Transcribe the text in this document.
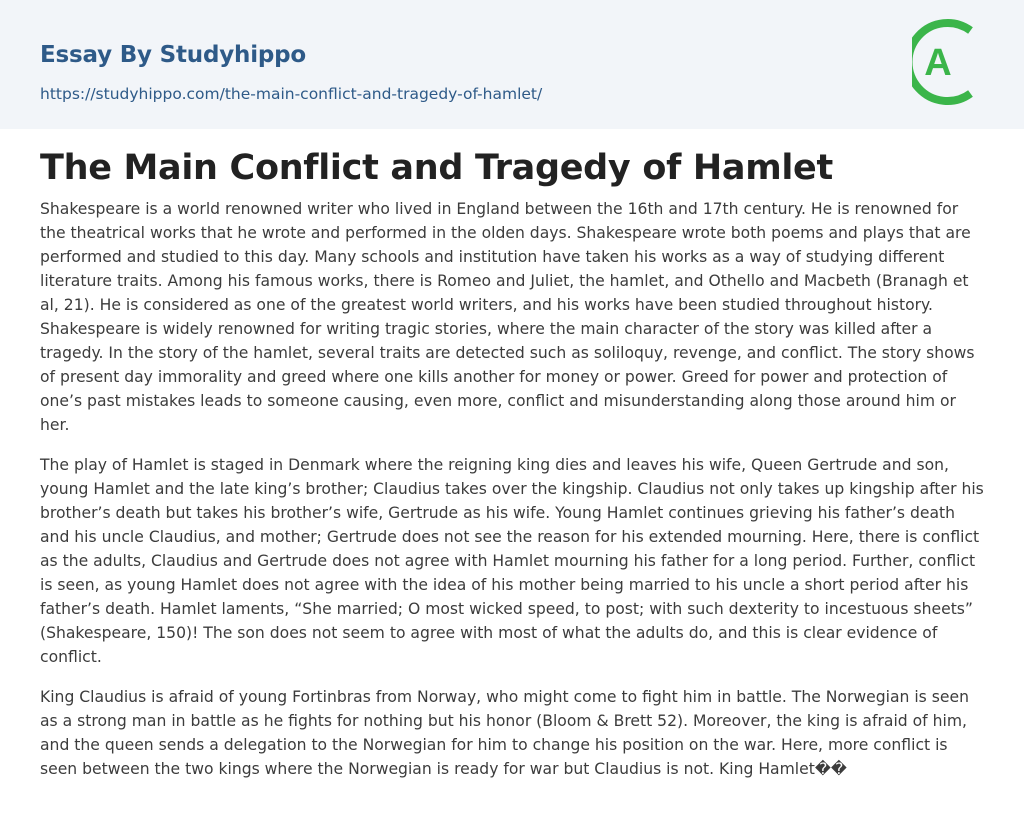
Essay By Studyhippo
https://studyhippo.com/the-main-conflict-and-tragedy-of-hamlet/
A
The Main Conflict and Tragedy of Hamlet

Shakespeare is a world renowned writer who lived in England between the 16th and 17th century. He is renowned for the theatrical works that he wrote and performed in the olden days. Shakespeare wrote both poems and plays that are performed and studied to this day. Many schools and institution have taken his works as a way of studying different literature traits. Among his famous works, there is Romeo and Juliet, the hamlet, and Othello and Macbeth (Branagh et al, 21). He is considered as one of the greatest world writers, and his works have been studied throughout history. Shakespeare is widely renowned for writing tragic stories, where the main character of the story was killed after a tragedy. In the story of the hamlet, several traits are detected such as soliloquy, revenge, and conflict. The story shows of present day immorality and greed where one kills another for money or power. Greed for power and protection of one’s past mistakes leads to someone causing, even more, conflict and misunderstanding along those around him or her.

The play of Hamlet is staged in Denmark where the reigning king dies and leaves his wife, Queen Gertrude and son, young Hamlet and the late king’s brother; Claudius takes over the kingship. Claudius not only takes up kingship after his brother’s death but takes his brother’s wife, Gertrude as his wife. Young Hamlet continues grieving his father’s death and his uncle Claudius, and mother; Gertrude does not see the reason for his extended mourning. Here, there is conflict as the adults, Claudius and Gertrude does not agree with Hamlet mourning his father for a long period. Further, conflict is seen, as young Hamlet does not agree with the idea of his mother being married to his uncle a short period after his father’s death. Hamlet laments, “She married; O most wicked speed, to post; with such dexterity to incestuous sheets” (Shakespeare, 150)! The son does not seem to agree with most of what the adults do, and this is clear evidence of conflict.

King Claudius is afraid of young Fortinbras from Norway, who might come to fight him in battle. The Norwegian is seen as a strong man in battle as he fights for nothing but his honor (Bloom & Brett 52). Moreover, the king is afraid of him, and the queen sends a delegation to the Norwegian for him to change his position on the war. Here, more conflict is seen between the two kings where the Norwegian is ready for war but Claudius is not. King Hamlet��
